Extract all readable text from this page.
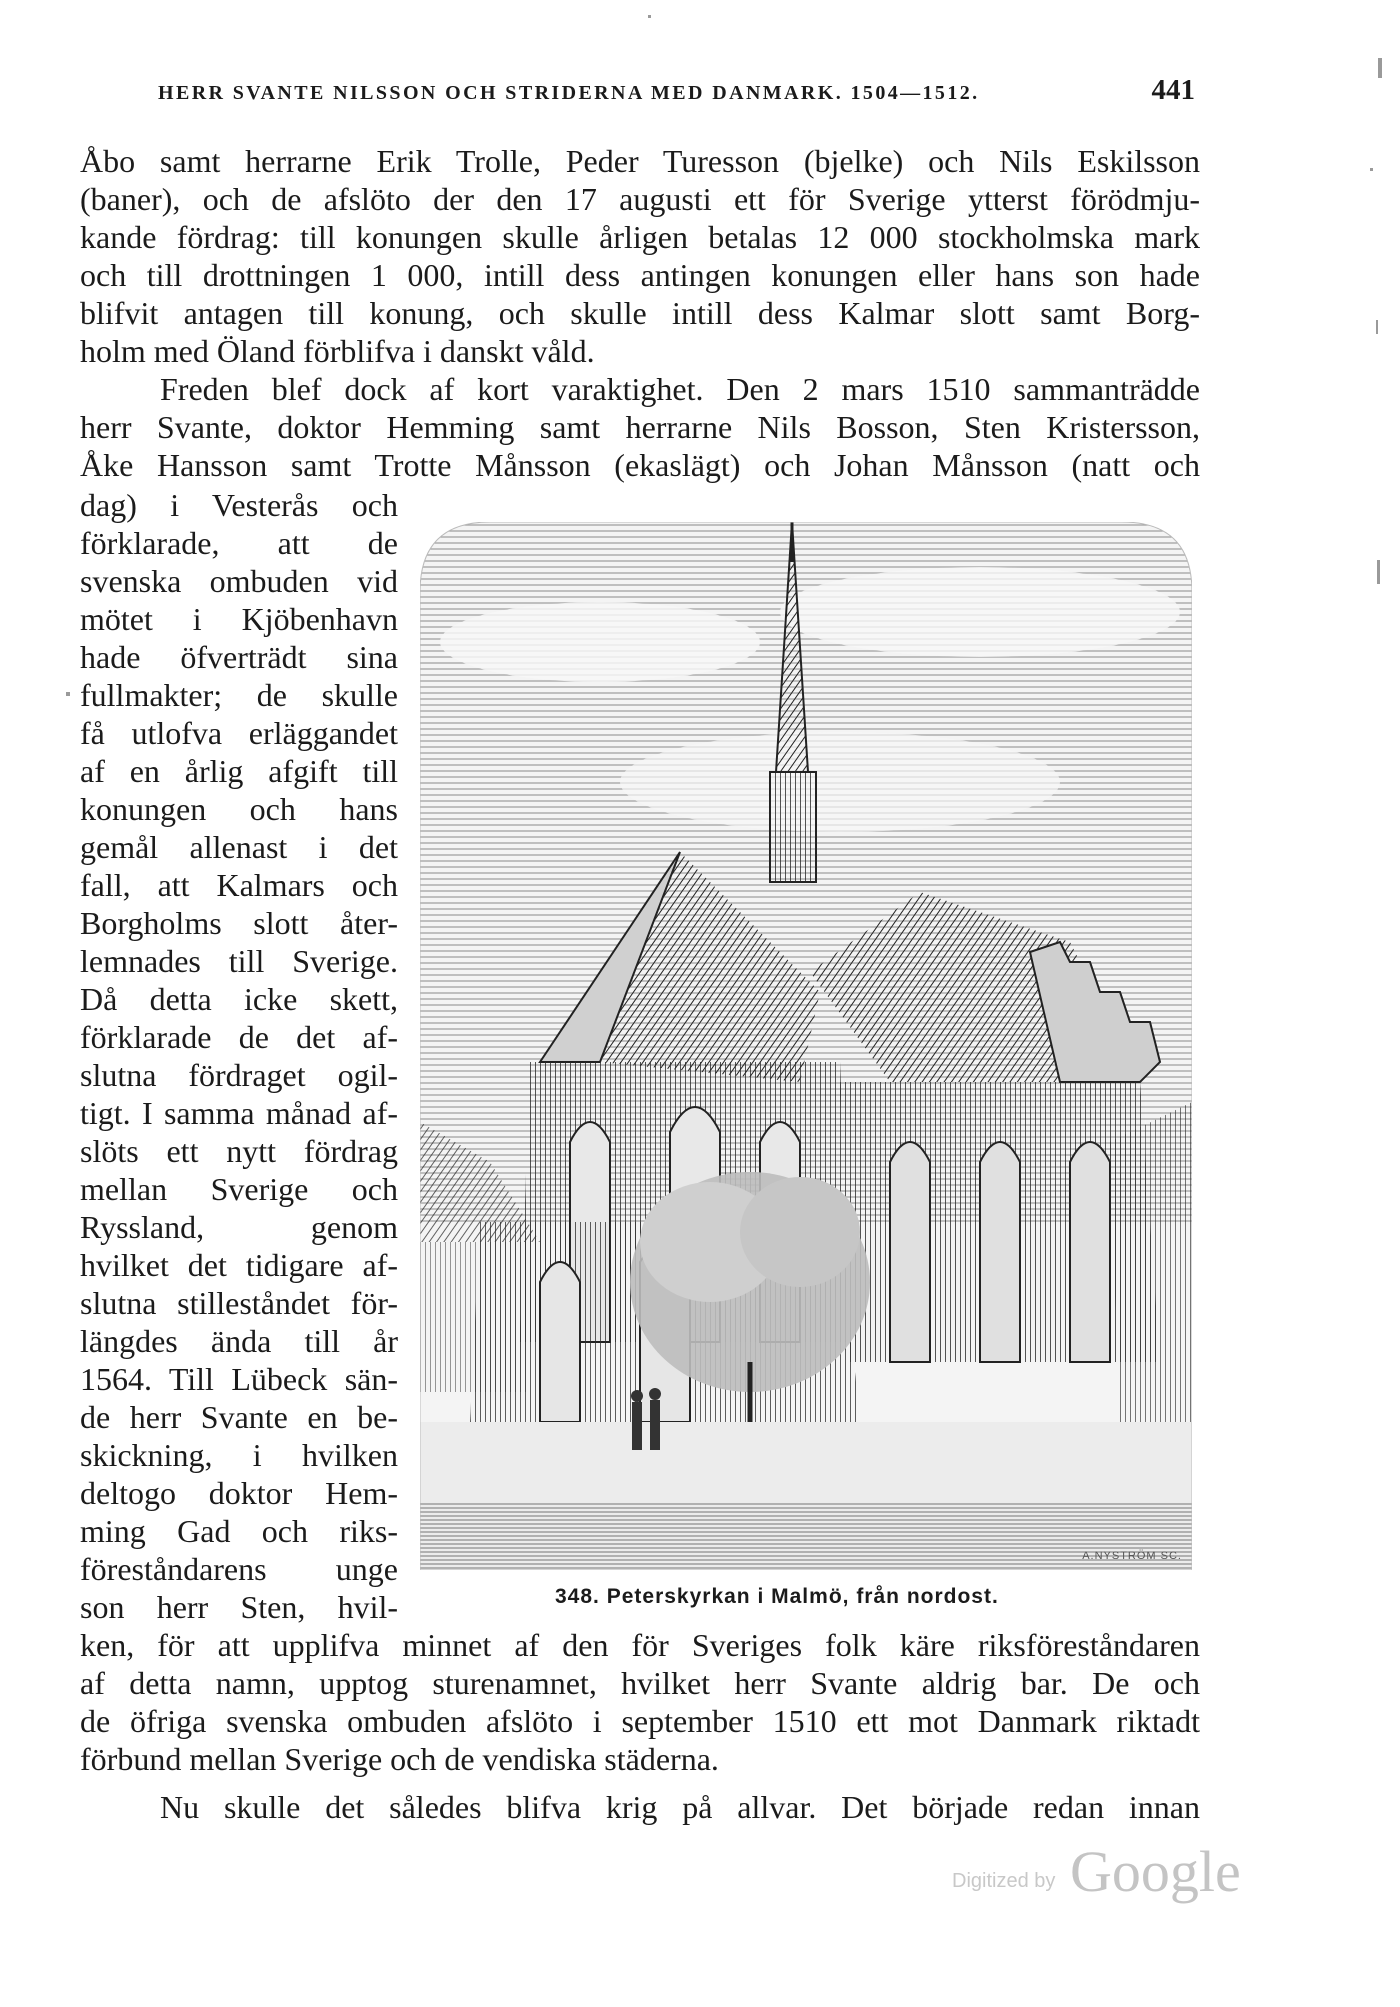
HERR SVANTE NILSSON OCH STRIDERNA MED DANMARK. 1504—1512.	441
Åbo samt herrarne Erik Trolle, Peder Turesson (bjelke) och Nils Eskilsson
(baner), och de afslöto der den 17 augusti ett för Sverige ytterst förödmju-
kande fördrag: till konungen skulle årligen betalas 12 000 stockholmska mark
och till drottningen 1 000, intill dess antingen konungen eller hans son hade
blifvit antagen till konung, och skulle intill dess Kalmar slott samt Borg-
holm med Öland förblifva i danskt våld.
Freden blef dock af kort varaktighet. Den 2 mars 1510 sammanträdde
herr Svante, doktor Hemming samt herrarne Nils Bosson, Sten Kristersson,
Åke Hansson samt Trotte Månsson (ekaslägt) och Johan Månsson (natt och
dag) i Vesterås och
förklarade, att de
svenska ombuden vid
mötet i Kjöbenhavn
hade öfverträdt sina
fullmakter; de skulle
få utlofva erläggandet
af en årlig afgift till
konungen och hans
gemål allenast i det
fall, att Kalmars och
Borgholms slott åter-
lemnades till Sverige.
Då detta icke skett,
förklarade de det af-
slutna fördraget ogil-
tigt. I samma månad af-
slöts ett nytt fördrag
mellan Sverige och
Ryssland, genom
hvilket det tidigare af-
slutna stilleståndet för-
längdes ända till år
1564. Till Lübeck sän-
de herr Svante en be-
skickning, i hvilken
deltogo doktor Hem-
ming Gad och riks-
föreståndarens unge
son herr Sten, hvil-
A.NYSTRÖM SC.
348. Peterskyrkan i Malmö, från nordost.
ken, för att upplifva minnet af den för Sveriges folk käre riksföreståndaren
af detta namn, upptog sturenamnet, hvilket herr Svante aldrig bar. De och
de öfriga svenska ombuden afslöto i september 1510 ett mot Danmark riktadt
förbund mellan Sverige och de vendiska städerna.
Nu skulle det således blifva krig på allvar. Det började redan innan
Digitized by Google
